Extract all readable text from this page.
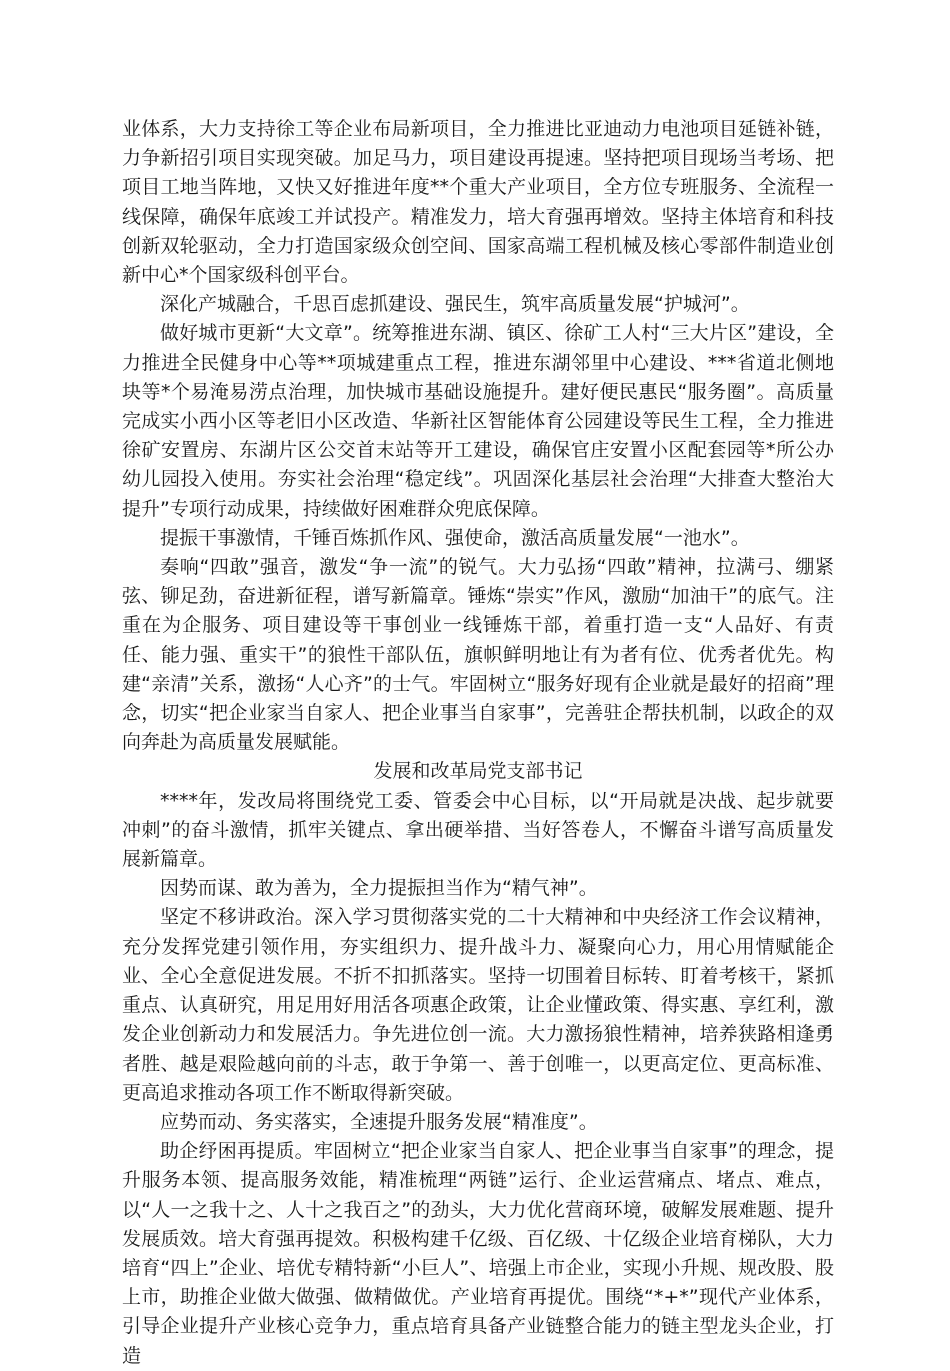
业体系，大力支持徐工等企业布局新项目，全力推进比亚迪动力电池项目延链补链，力争新招引项目实现突破。加足马力，项目建设再提速。坚持把项目现场当考场、把项目工地当阵地，又快又好推进年度**个重大产业项目，全方位专班服务、全流程一线保障，确保年底竣工并试投产。精准发力，培大育强再增效。坚持主体培育和科技创新双轮驱动，全力打造国家级众创空间、国家高端工程机械及核心零部件制造业创新中心*个国家级科创平台。

深化产城融合，千思百虑抓建设、强民生，筑牢高质量发展“护城河”。

做好城市更新“大文章”。统筹推进东湖、镇区、徐矿工人村“三大片区”建设，全力推进全民健身中心等**项城建重点工程，推进东湖邻里中心建设、***省道北侧地块等*个易淹易涝点治理，加快城市基础设施提升。建好便民惠民“服务圈”。高质量完成实小西小区等老旧小区改造、华新社区智能体育公园建设等民生工程，全力推进徐矿安置房、东湖片区公交首末站等开工建设，确保官庄安置小区配套园等*所公办幼儿园投入使用。夯实社会治理“稳定线”。巩固深化基层社会治理“大排查大整治大提升”专项行动成果，持续做好困难群众兜底保障。

提振干事激情，千锤百炼抓作风、强使命，激活高质量发展“一池水”。

奏响“四敢”强音，激发“争一流”的锐气。大力弘扬“四敢”精神，拉满弓、绷紧弦、铆足劲，奋进新征程，谱写新篇章。锤炼“崇实”作风，激励“加油干”的底气。注重在为企服务、项目建设等干事创业一线锤炼干部，着重打造一支“人品好、有责任、能力强、重实干”的狼性干部队伍，旗帜鲜明地让有为者有位、优秀者优先。构建“亲清”关系，激扬“人心齐”的士气。牢固树立“服务好现有企业就是最好的招商”理念，切实“把企业家当自家人、把企业事当自家事”，完善驻企帮扶机制，以政企的双向奔赴为高质量发展赋能。

发展和改革局党支部书记

****年，发改局将围绕党工委、管委会中心目标，以“开局就是决战、起步就要冲刺”的奋斗激情，抓牢关键点、拿出硬举措、当好答卷人，不懈奋斗谱写高质量发展新篇章。

因势而谋、敢为善为，全力提振担当作为“精气神”。

坚定不移讲政治。深入学习贯彻落实党的二十大精神和中央经济工作会议精神，充分发挥党建引领作用，夯实组织力、提升战斗力、凝聚向心力，用心用情赋能企业、全心全意促进发展。不折不扣抓落实。坚持一切围着目标转、盯着考核干，紧抓重点、认真研究，用足用好用活各项惠企政策，让企业懂政策、得实惠、享红利，激发企业创新动力和发展活力。争先进位创一流。大力激扬狼性精神，培养狭路相逢勇者胜、越是艰险越向前的斗志，敢于争第一、善于创唯一，以更高定位、更高标准、更高追求推动各项工作不断取得新突破。

应势而动、务实落实，全速提升服务发展“精准度”。

助企纾困再提质。牢固树立“把企业家当自家人、把企业事当自家事”的理念，提升服务本领、提高服务效能，精准梳理“两链”运行、企业运营痛点、堵点、难点，以“人一之我十之、人十之我百之”的劲头，大力优化营商环境，破解发展难题、提升发展质效。培大育强再提效。积极构建千亿级、百亿级、十亿级企业培育梯队，大力培育“四上”企业、培优专精特新“小巨人”、培强上市企业，实现小升规、规改股、股上市，助推企业做大做强、做精做优。产业培育再提优。围绕“*+*”现代产业体系，引导企业提升产业核心竞争力，重点培育具备产业链整合能力的链主型龙头企业，打造
